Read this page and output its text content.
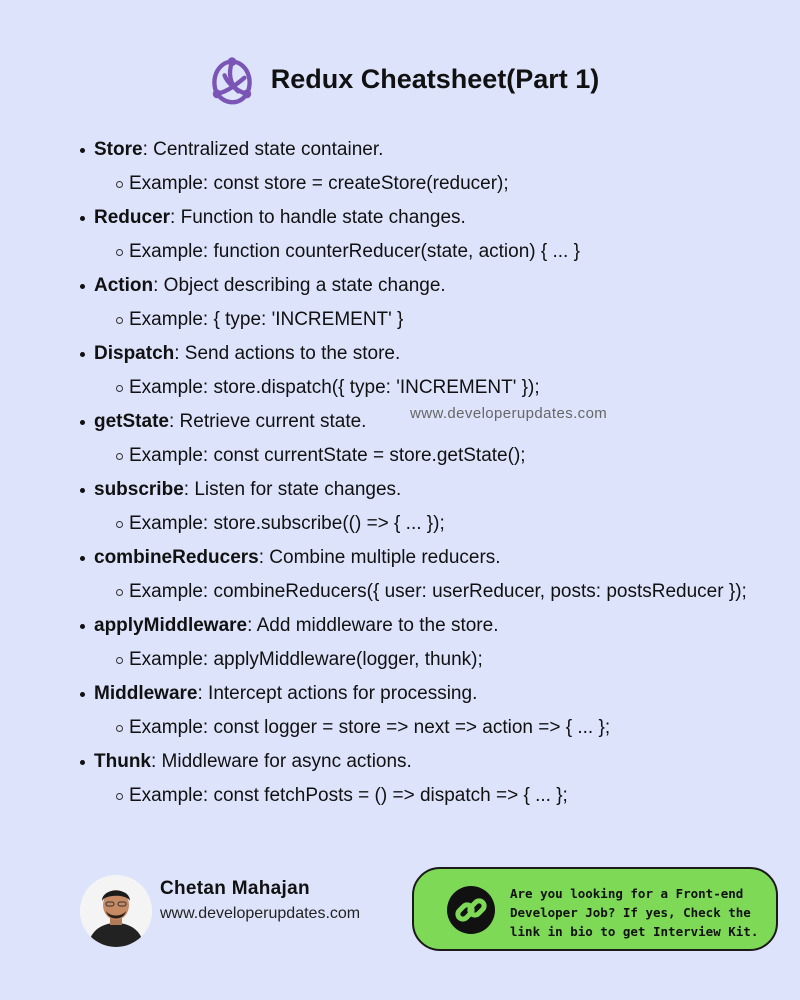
Redux Cheatsheet(Part 1)
Store: Centralized state container.
Example: const store = createStore(reducer);
Reducer: Function to handle state changes.
Example: function counterReducer(state, action) { ... }
Action: Object describing a state change.
Example: { type: 'INCREMENT' }
Dispatch: Send actions to the store.
Example: store.dispatch({ type: 'INCREMENT' });
getState: Retrieve current state.
Example: const currentState = store.getState();
subscribe: Listen for state changes.
Example: store.subscribe(() => { ... });
combineReducers: Combine multiple reducers.
Example: combineReducers({ user: userReducer, posts: postsReducer });
applyMiddleware: Add middleware to the store.
Example: applyMiddleware(logger, thunk);
Middleware: Intercept actions for processing.
Example: const logger = store => next => action => { ... };
Thunk: Middleware for async actions.
Example: const fetchPosts = () => dispatch => { ... };
www.developerupdates.com
Chetan Mahajan
www.developerupdates.com
Are you looking for a Front-end Developer Job? If yes, Check the link in bio to get Interview Kit.
